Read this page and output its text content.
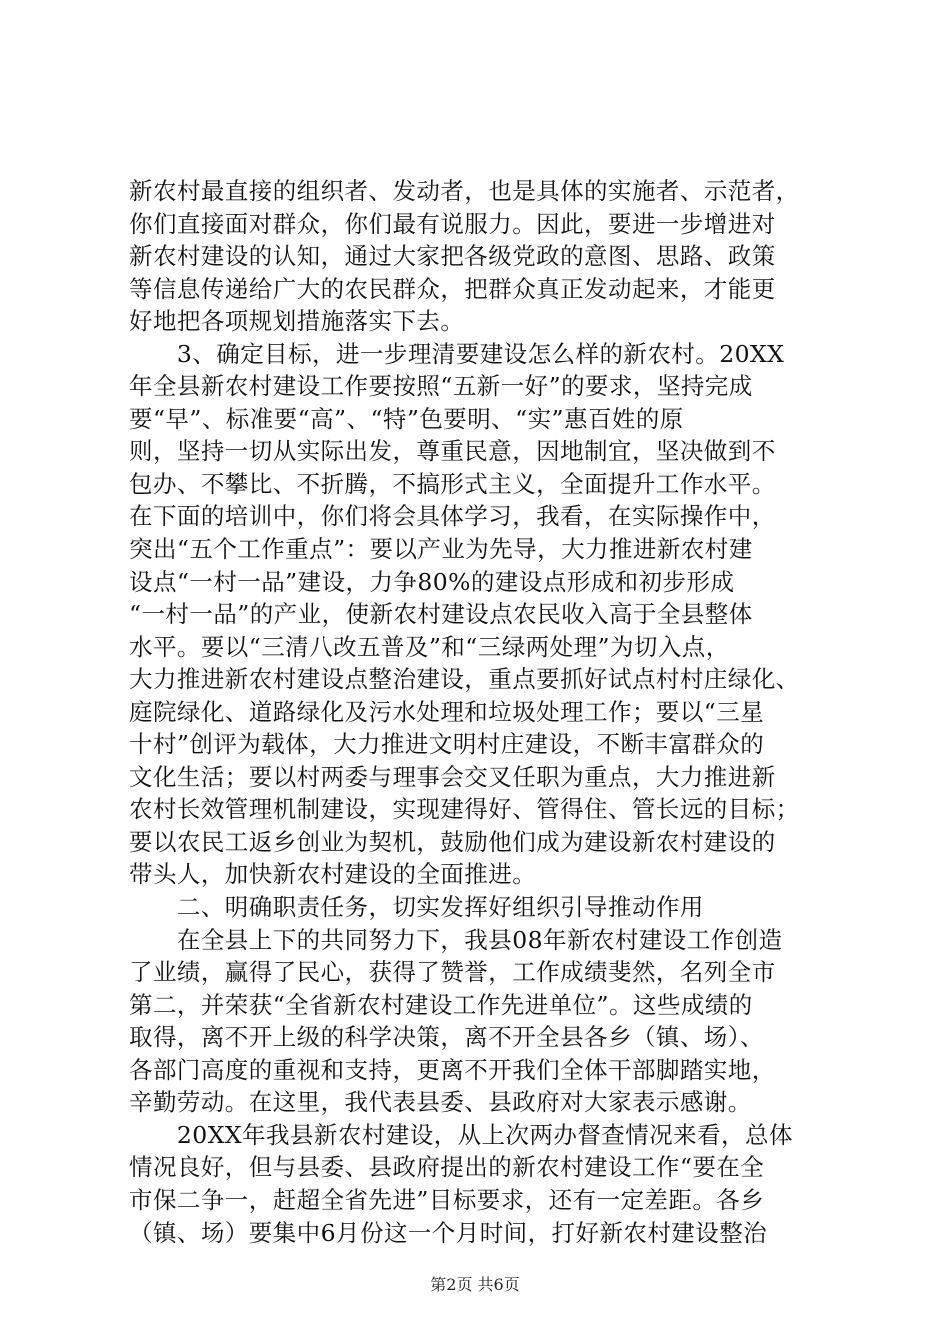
新农村最直接的组织者、发动者，也是具体的实施者、示范者，
你们直接面对群众，你们最有说服力。因此，要进一步增进对
新农村建设的认知，通过大家把各级党政的意图、思路、政策
等信息传递给广大的农民群众，把群众真正发动起来，才能更
好地把各项规划措施落实下去。
　　3、确定目标，进一步理清要建设怎么样的新农村。20XX
年全县新农村建设工作要按照“五新一好”的要求，坚持完成
要“早”、标准要“高”、“特”色要明、“实”惠百姓的原
则，坚持一切从实际出发，尊重民意，因地制宜，坚决做到不
包办、不攀比、不折腾，不搞形式主义，全面提升工作水平。
在下面的培训中，你们将会具体学习，我看，在实际操作中，
突出“五个工作重点”：要以产业为先导，大力推进新农村建
设点“一村一品”建设，力争80%的建设点形成和初步形成
“一村一品”的产业，使新农村建设点农民收入高于全县整体
水平。要以“三清八改五普及”和“三绿两处理”为切入点，
大力推进新农村建设点整治建设，重点要抓好试点村村庄绿化、
庭院绿化、道路绿化及污水处理和垃圾处理工作；要以“三星
十村”创评为载体，大力推进文明村庄建设，不断丰富群众的
文化生活；要以村两委与理事会交叉任职为重点，大力推进新
农村长效管理机制建设，实现建得好、管得住、管长远的目标；
要以农民工返乡创业为契机，鼓励他们成为建设新农村建设的
带头人，加快新农村建设的全面推进。
　　二、明确职责任务，切实发挥好组织引导推动作用
　　在全县上下的共同努力下，我县08年新农村建设工作创造
了业绩，赢得了民心，获得了赞誉，工作成绩斐然，名列全市
第二，并荣获“全省新农村建设工作先进单位”。这些成绩的
取得，离不开上级的科学决策，离不开全县各乡（镇、场）、
各部门高度的重视和支持，更离不开我们全体干部脚踏实地，
辛勤劳动。在这里，我代表县委、县政府对大家表示感谢。
　　20XX年我县新农村建设，从上次两办督查情况来看，总体
情况良好，但与县委、县政府提出的新农村建设工作“要在全
市保二争一，赶超全省先进”目标要求，还有一定差距。各乡
（镇、场）要集中6月份这一个月时间，打好新农村建设整治
第2页 共6页
